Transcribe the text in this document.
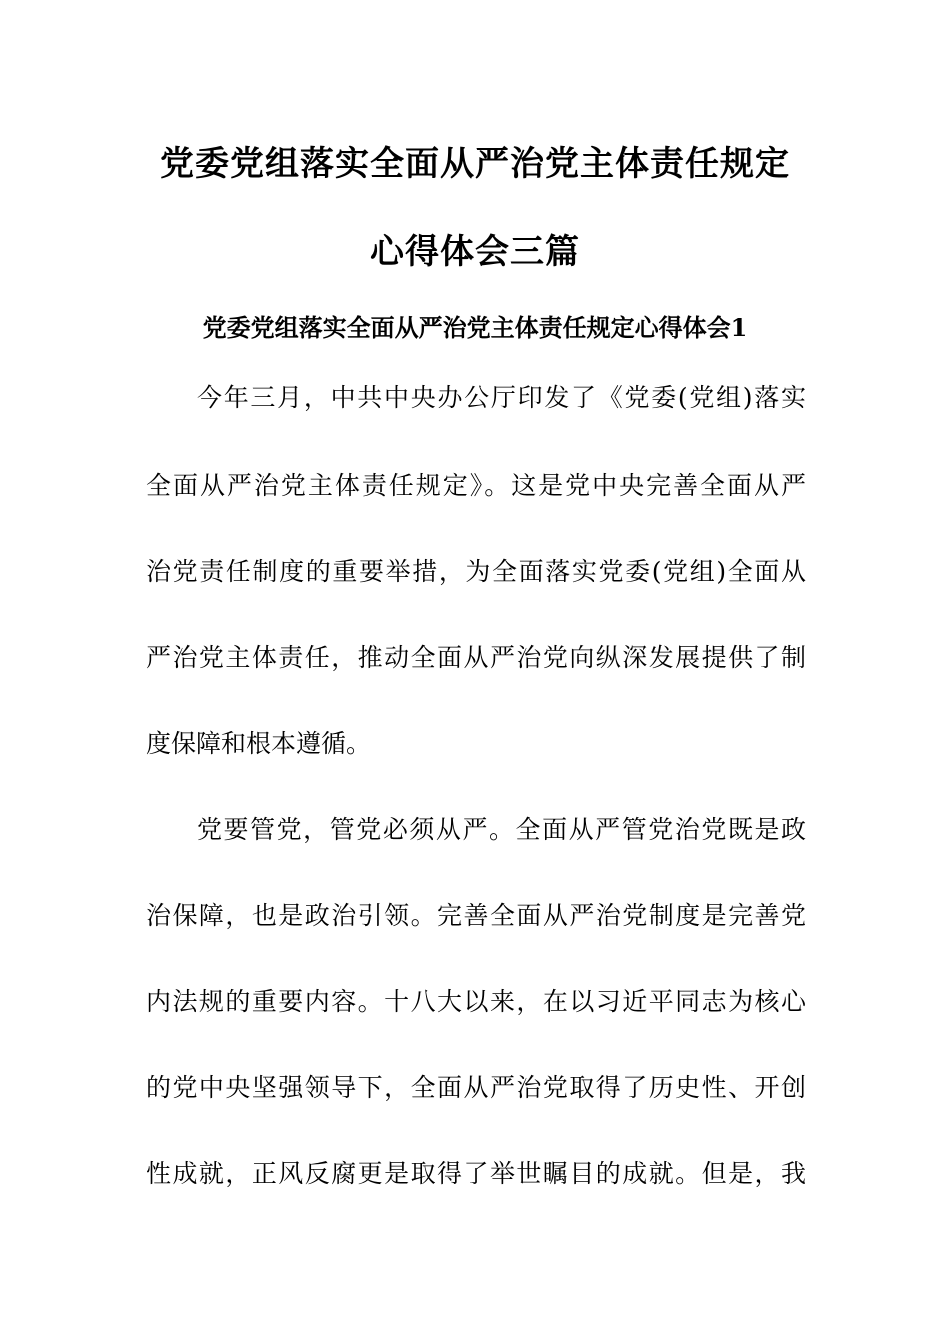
党委党组落实全面从严治党主体责任规定
心得体会三篇
党委党组落实全面从严治党主体责任规定心得体会1
今年三月，中共中央办公厅印发了《党委(党组)落实
全面从严治党主体责任规定》。这是党中央完善全面从严
治党责任制度的重要举措，为全面落实党委(党组)全面从
严治党主体责任，推动全面从严治党向纵深发展提供了制
度保障和根本遵循。
党要管党，管党必须从严。全面从严管党治党既是政
治保障，也是政治引领。完善全面从严治党制度是完善党
内法规的重要内容。十八大以来，在以习近平同志为核心
的党中央坚强领导下，全面从严治党取得了历史性、开创
性成就，正风反腐更是取得了举世瞩目的成就。但是，我
